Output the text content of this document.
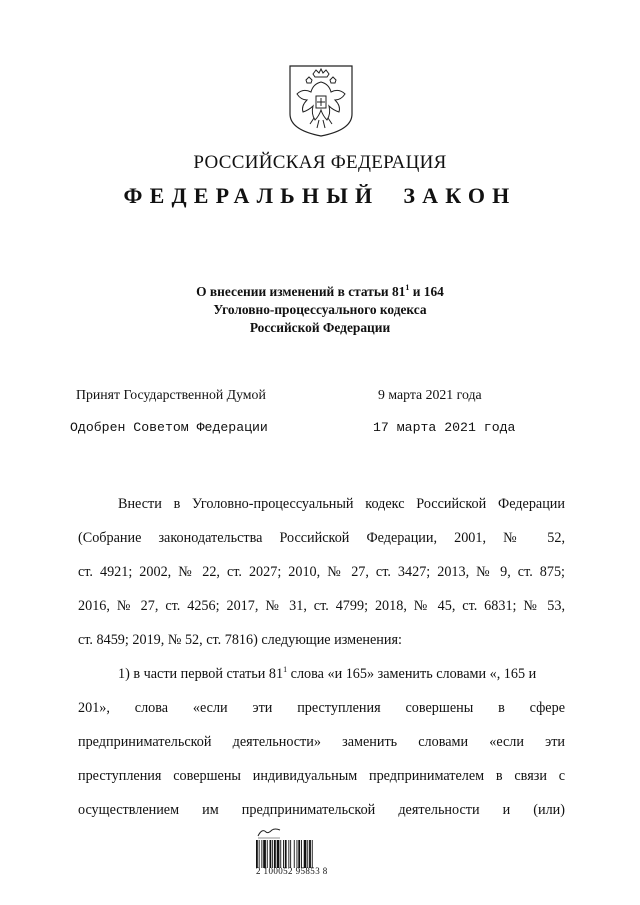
РОССИЙСКАЯ ФЕДЕРАЦИЯ
ФЕДЕРАЛЬНЫЙ ЗАКОН
О внесении изменений в статьи $81^1$ и 164
Уголовно-процессуального кодекса
Российской Федерации
Принят Государственной Думой	9 марта 2021 года
Одобрен Советом Федерации	17 марта 2021 года
Внести в Уголовно-процессуальный кодекс Российской Федерации
(Собрание законодательства Российской Федерации, 2001, № 52,
ст. 4921; 2002, № 22, ст. 2027; 2010, № 27, ст. 3427; 2013, № 9, ст. 875;
2016, № 27, ст. 4256; 2017, № 31, ст. 4799; 2018, № 45, ст. 6831; № 53,
ст. 8459; 2019, № 52, ст. 7816) следующие изменения:
1) в части первой статьи $81^1$ слова «и 165» заменить словами «, 165 и
201», слова «если эти преступления совершены в сфере
предпринимательской деятельности» заменить словами «если эти
преступления совершены индивидуальным предпринимателем в связи с
осуществлением им предпринимательской деятельности и (или)
2 100052 95853 8
